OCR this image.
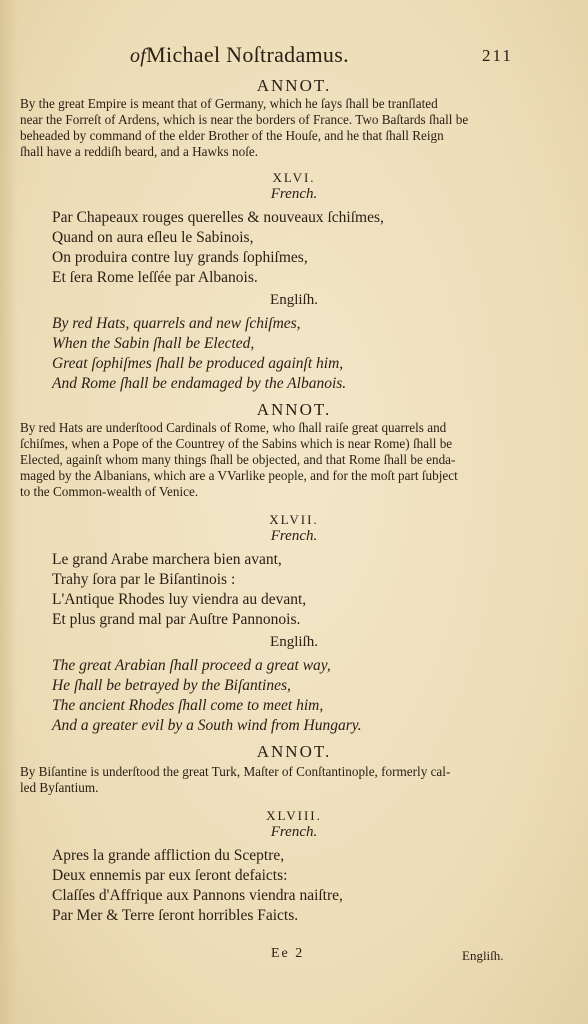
ofMichael Noſtradamus.	211
ANNOT.
By the great Empire is meant that of Germany, which he ſays ſhall be tranſlated
near the Forreſt of Ardens, which is near the borders of France. Two Baſtards ſhall be
beheaded by command of the elder Brother of the Houſe, and he that ſhall Reign
ſhall have a reddiſh beard, and a Hawks noſe.
XLVI.
French.
Par Chapeaux rouges querelles & nouveaux ſchiſmes,
Quand on aura eſleu le Sabinois,
On produira contre luy grands ſophiſmes,
Et ſera Rome leſſée par Albanois.
Engliſh.
By red Hats, quarrels and new ſchiſmes,
When the Sabin ſhall be Elected,
Great ſophiſmes ſhall be produced againſt him,
And Rome ſhall be endamaged by the Albanois.
ANNOT.
By red Hats are underſtood Cardinals of Rome, who ſhall raiſe great quarrels and
ſchiſmes, when a Pope of the Countrey of the Sabins which is near Rome) ſhall be
Elected, againſt whom many things ſhall be objected, and that Rome ſhall be enda-
maged by the Albanians, which are a VVarlike people, and for the moſt part ſubject
to the Common-wealth of Venice.
XLVII.
French.
Le grand Arabe marchera bien avant,
Trahy ſora par le Biſantinois :
L'Antique Rhodes luy viendra au devant,
Et plus grand mal par Auſtre Pannonois.
Engliſh.
The great Arabian ſhall proceed a great way,
He ſhall be betrayed by the Biſantines,
The ancient Rhodes ſhall come to meet him,
And a greater evil by a South wind from Hungary.
ANNOT.
By Biſantine is underſtood the great Turk, Maſter of Conſtantinople, formerly cal-
led Byſantium.
XLVIII.
French.
Apres la grande affliction du Sceptre,
Deux ennemis par eux ſeront defaicts:
Claſſes d'Affrique aux Pannons viendra naiſtre,
Par Mer & Terre ſeront horribles Faicts.
Ee 2	Engliſh.
